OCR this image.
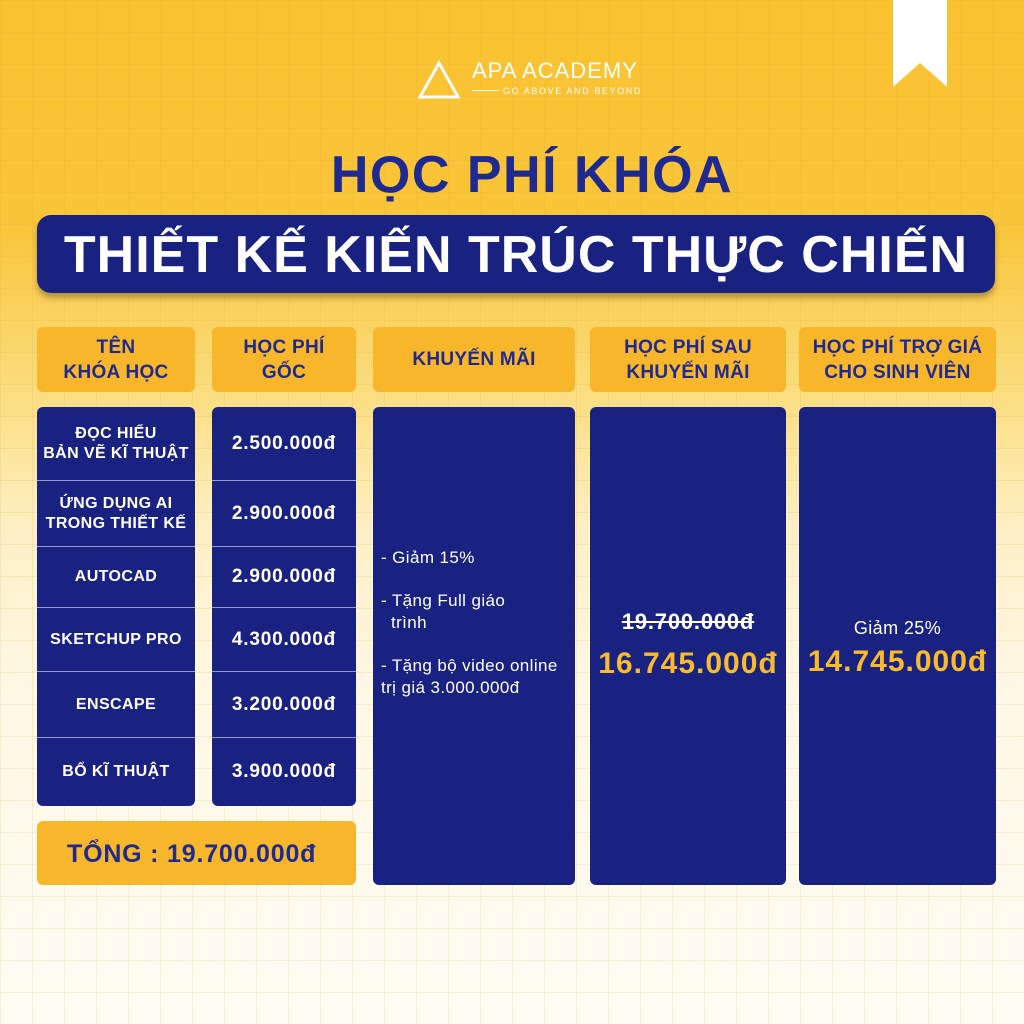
APA ACADEMY
GO ABOVE AND BEYOND
HỌC PHÍ KHÓA
THIẾT KẾ KIẾN TRÚC THỰC CHIẾN
TÊN
KHÓA HỌC
HỌC PHÍ
GỐC
KHUYẾN MÃI
HỌC PHÍ SAU
KHUYẾN MÃI
HỌC PHÍ TRỢ GIÁ
CHO SINH VIÊN
ĐỌC HIỂU
BẢN VẼ KĨ THUẬT
ỨNG DỤNG AI
TRONG THIẾT KẾ
AUTOCAD
SKETCHUP PRO
ENSCAPE
BỔ KĨ THUẬT
2.500.000đ
2.900.000đ
2.900.000đ
4.300.000đ
3.200.000đ
3.900.000đ
TỔNG : 19.700.000đ
- Giảm 15%
- Tặng Full giáo
trình
- Tặng bộ video online
trị giá 3.000.000đ
19.700.000đ
16.745.000đ
Giảm 25%
14.745.000đ
